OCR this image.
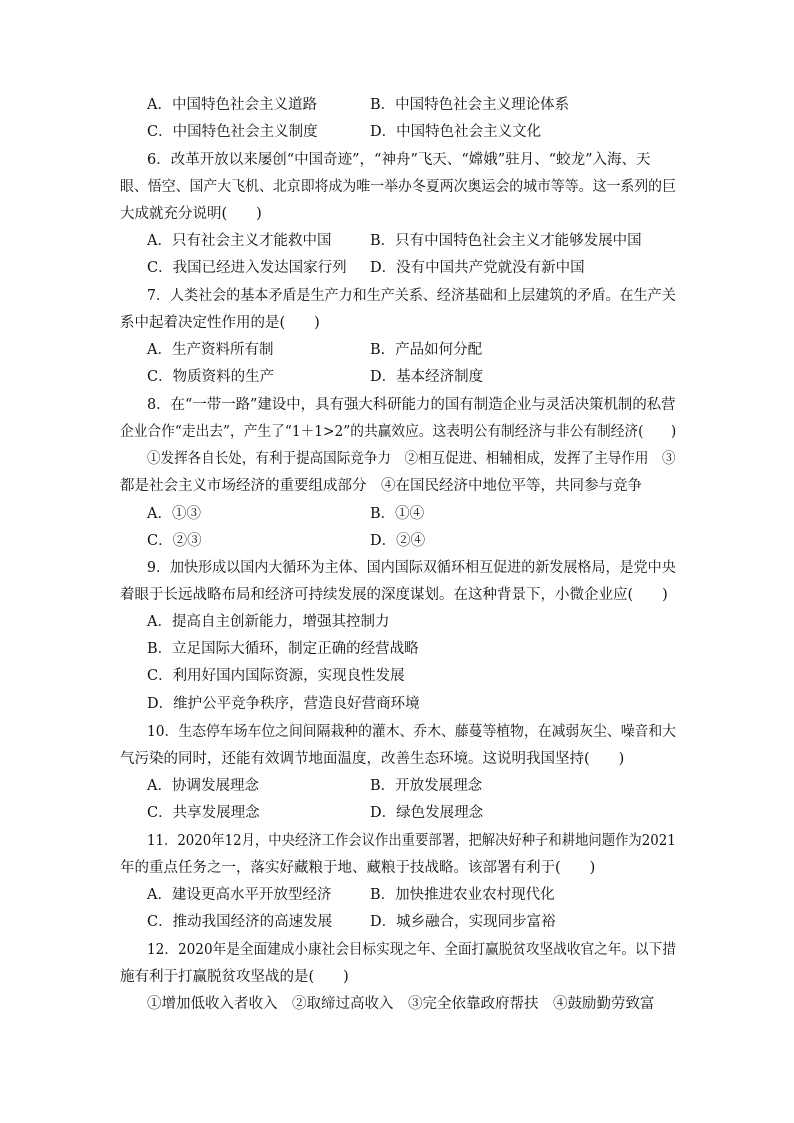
A．中国特色社会主义道路	B．中国特色社会主义理论体系
C．中国特色社会主义制度	D．中国特色社会主义文化
6．改革开放以来屡创“中国奇迹”，“神舟”飞天、“嫦娥”驻月、“蛟龙”入海、天
眼、悟空、国产大飞机、北京即将成为唯一举办冬夏两次奥运会的城市等等。这一系列的巨
大成就充分说明(　　)
A．只有社会主义才能救中国	B．只有中国特色社会主义才能够发展中国
C．我国已经进入发达国家行列 D．没有中国共产党就没有新中国
7．人类社会的基本矛盾是生产力和生产关系、经济基础和上层建筑的矛盾。在生产关
系中起着决定性作用的是(　　)
A．生产资料所有制	B．产品如何分配
C．物质资料的生产	D．基本经济制度
8．在“一带一路”建设中，具有强大科研能力的国有制造企业与灵活决策机制的私营
企业合作“走出去”，产生了“1＋1>2”的共赢效应。这表明公有制经济与非公有制经济(　　)
①发挥各自长处，有利于提高国际竞争力　②相互促进、相辅相成，发挥了主导作用　③
都是社会主义市场经济的重要组成部分　④在国民经济中地位平等，共同参与竞争
A．①③	B．①④
C．②③	D．②④
9．加快形成以国内大循环为主体、国内国际双循环相互促进的新发展格局，是党中央
着眼于长远战略布局和经济可持续发展的深度谋划。在这种背景下，小微企业应(　　)
A．提高自主创新能力，增强其控制力
B．立足国际大循环，制定正确的经营战略
C．利用好国内国际资源，实现良性发展
D．维护公平竞争秩序，营造良好营商环境
10．生态停车场车位之间间隔栽种的灌木、乔木、藤蔓等植物，在减弱灰尘、噪音和大
气污染的同时，还能有效调节地面温度，改善生态环境。这说明我国坚持(　　)
A．协调发展理念	B．开放发展理念
C．共享发展理念	D．绿色发展理念
11．2020年12月，中央经济工作会议作出重要部署，把解决好种子和耕地问题作为2021
年的重点任务之一，落实好藏粮于地、藏粮于技战略。该部署有利于(　　)
A．建设更高水平开放型经济	B．加快推进农业农村现代化
C．推动我国经济的高速发展	D．城乡融合，实现同步富裕
12．2020年是全面建成小康社会目标实现之年、全面打赢脱贫攻坚战收官之年。以下措
施有利于打赢脱贫攻坚战的是(　　)
①增加低收入者收入　②取缔过高收入　③完全依靠政府帮扶　④鼓励勤劳致富
